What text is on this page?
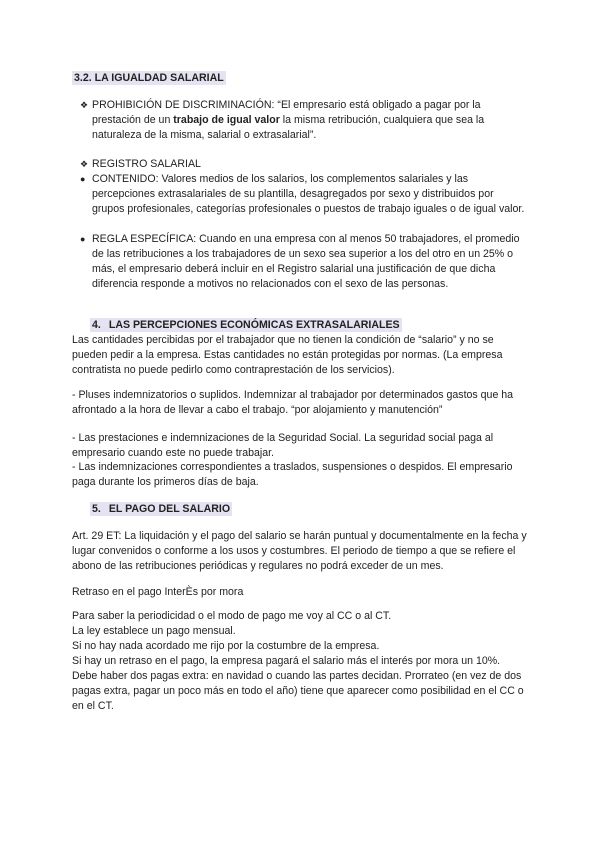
3.2. LA IGUALDAD SALARIAL
❖ PROHIBICIÓN DE DISCRIMINACIÓN: “El empresario está obligado a pagar por la prestación de un trabajo de igual valor la misma retribución, cualquiera que sea la naturaleza de la misma, salarial o extrasalarial”.
❖ REGISTRO SALARIAL
● CONTENIDO: Valores medios de los salarios, los complementos salariales y las percepciones extrasalariales de su plantilla, desagregados por sexo y distribuidos por grupos profesionales, categorías profesionales o puestos de trabajo iguales o de igual valor.
● REGLA ESPECÍFICA: Cuando en una empresa con al menos 50 trabajadores, el promedio de las retribuciones a los trabajadores de un sexo sea superior a los del otro en un 25% o más, el empresario deberá incluir en el Registro salarial una justificación de que dicha diferencia responde a motivos no relacionados con el sexo de las personas.
4. LAS PERCEPCIONES ECONÓMICAS EXTRASALARIALES
Las cantidades percibidas por el trabajador que no tienen la condición de “salario” y no se pueden pedir a la empresa. Estas cantidades no están protegidas por normas. (La empresa contratista no puede pedirlo como contraprestación de los servicios).
- Pluses indemnizatorios o suplidos. Indemnizar al trabajador por determinados gastos que ha afrontado a la hora de llevar a cabo el trabajo. “por alojamiento y manutención”
- Las prestaciones e indemnizaciones de la Seguridad Social. La seguridad social paga al empresario cuando este no puede trabajar.
- Las indemnizaciones correspondientes a traslados, suspensiones o despidos. El empresario paga durante los primeros días de baja.
5. EL PAGO DEL SALARIO
Art. 29 ET: La liquidación y el pago del salario se harán puntual y documentalmente en la fecha y lugar convenidos o conforme a los usos y costumbres. El periodo de tiempo a que se refiere el abono de las retribuciones periódicas y regulares no podrá exceder de un mes.
Retraso en el pago InterÈs por mora
Para saber la periodicidad o el modo de pago me voy al CC o al CT.
La ley establece un pago mensual.
Si no hay nada acordado me rijo por la costumbre de la empresa.
Si hay un retraso en el pago, la empresa pagará el salario más el interés por mora un 10%.
Debe haber dos pagas extra: en navidad o cuando las partes decidan. Prorrateo (en vez de dos pagas extra, pagar un poco más en todo el año) tiene que aparecer como posibilidad en el CC o en el CT.
